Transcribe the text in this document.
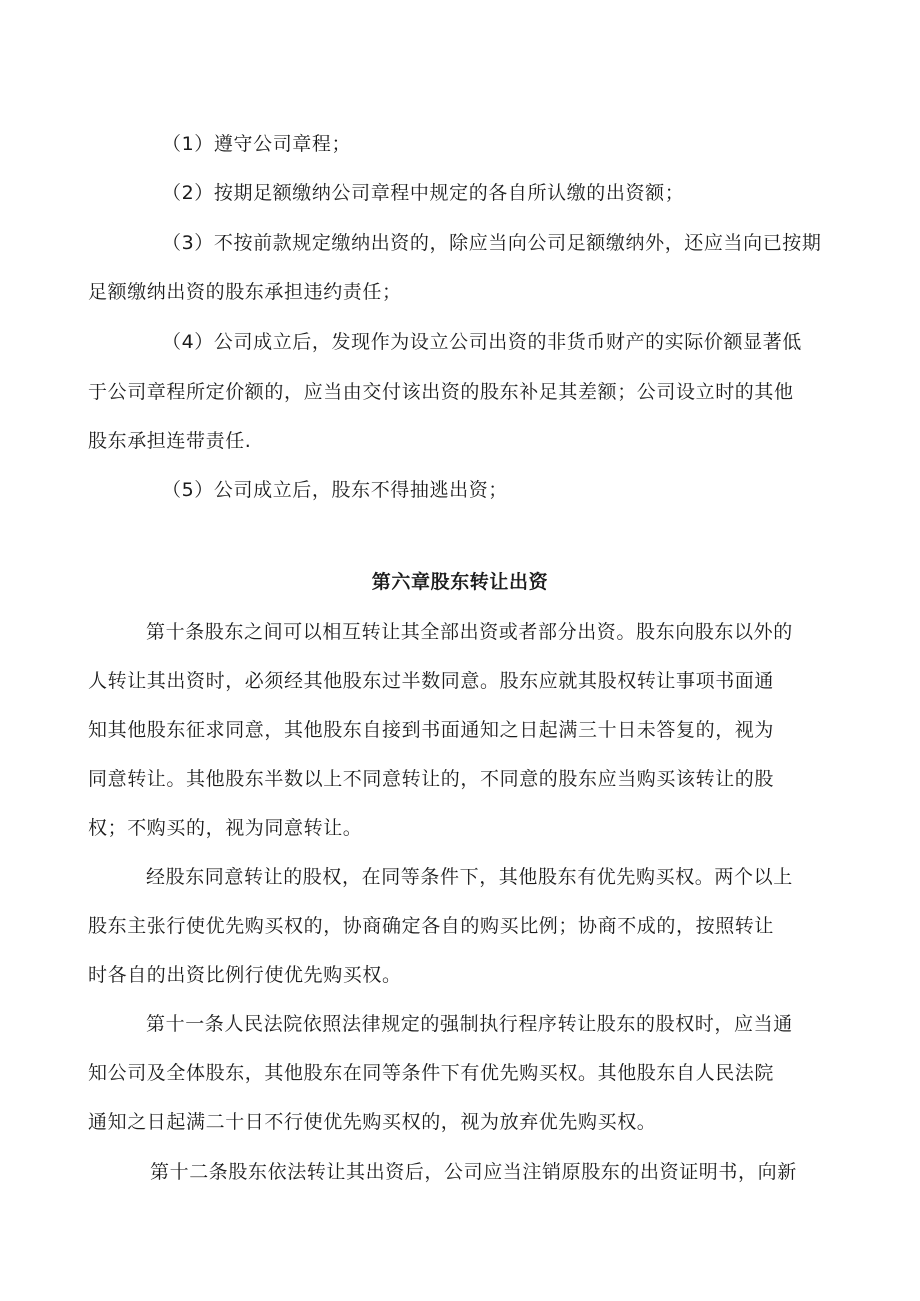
（1）遵守公司章程；
（2）按期足额缴纳公司章程中规定的各自所认缴的出资额；
（3）不按前款规定缴纳出资的，除应当向公司足额缴纳外，还应当向已按期
足额缴纳出资的股东承担违约责任；
（4）公司成立后，发现作为设立公司出资的非货币财产的实际价额显著低
于公司章程所定价额的，应当由交付该出资的股东补足其差额；公司设立时的其他
股东承担连带责任.
（5）公司成立后，股东不得抽逃出资；
第六章股东转让出资
第十条股东之间可以相互转让其全部出资或者部分出资。股东向股东以外的
人转让其出资时，必须经其他股东过半数同意。股东应就其股权转让事项书面通
知其他股东征求同意，其他股东自接到书面通知之日起满三十日未答复的，视为
同意转让。其他股东半数以上不同意转让的，不同意的股东应当购买该转让的股
权；不购买的，视为同意转让。
经股东同意转让的股权，在同等条件下，其他股东有优先购买权。两个以上
股东主张行使优先购买权的，协商确定各自的购买比例；协商不成的，按照转让
时各自的出资比例行使优先购买权。
第十一条人民法院依照法律规定的强制执行程序转让股东的股权时，应当通
知公司及全体股东，其他股东在同等条件下有优先购买权。其他股东自人民法院
通知之日起满二十日不行使优先购买权的，视为放弃优先购买权。
第十二条股东依法转让其出资后，公司应当注销原股东的出资证明书，向新
